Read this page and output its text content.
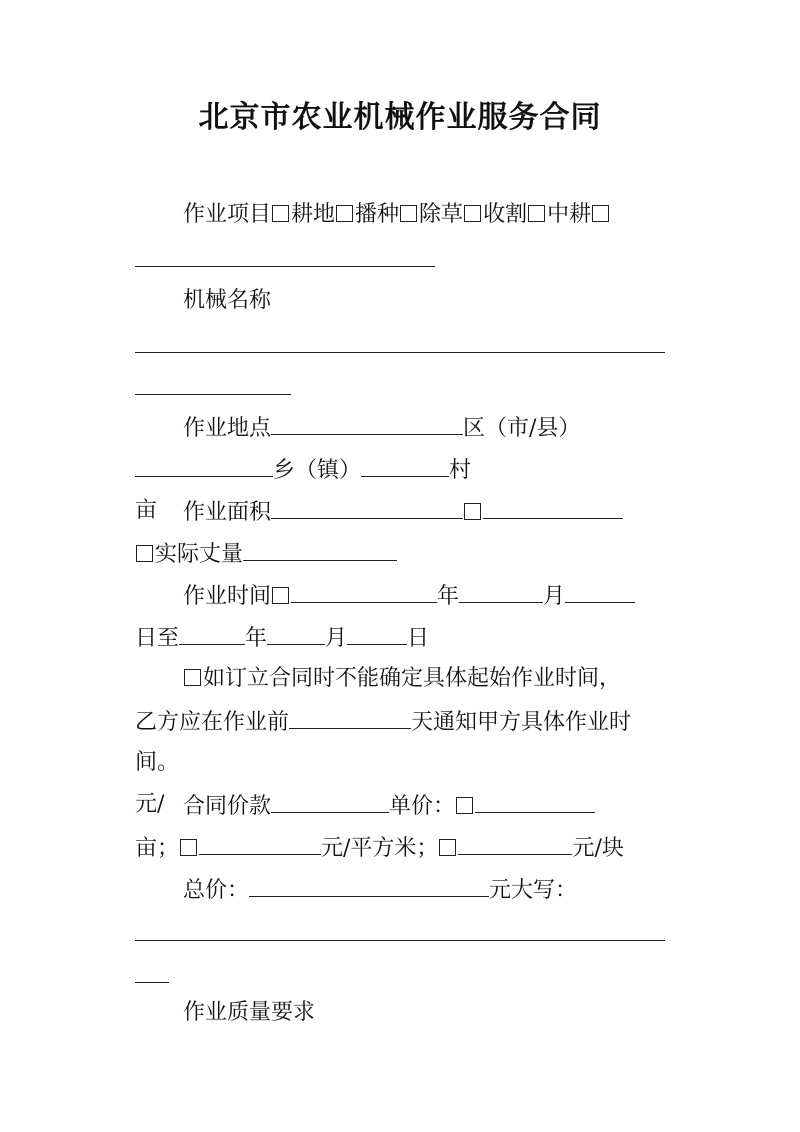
北京市农业机械作业服务合同
作业项目 耕地 播种 除草 收割 中耕
机械名称
作业地点	区（市/县）
乡（镇）	村
作业面积
亩
实际丈量
作业时间	年	月
日至	年	月	日
如订立合同时不能确定具体起始作业时间，
乙方应在作业前	天通知甲方具体作业时
间。
合同价款	单价：
元/
亩；	元/平方米；	元/块
总价：	元大写：
作业质量要求
